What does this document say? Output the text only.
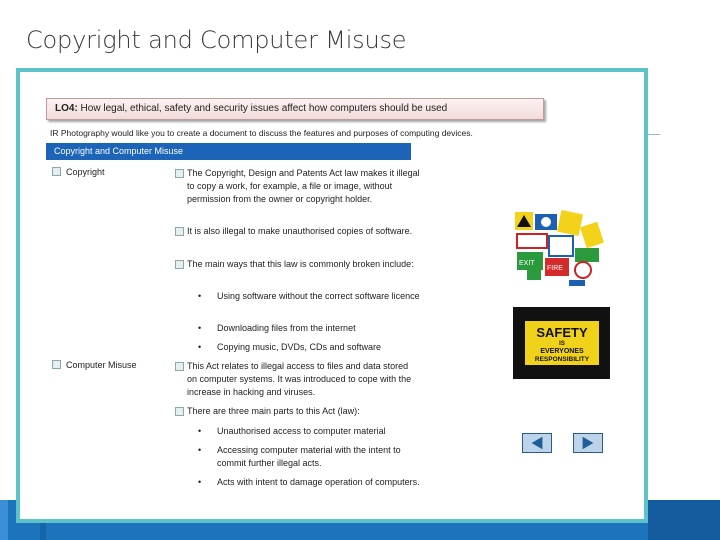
Copyright and Computer Misuse
LO4: How legal, ethical, safety and security issues affect how computers should be used
IR Photography would like you to create a document to discuss the features and purposes of computing devices.
Copyright and Computer Misuse
Copyright	The Copyright, Design and Patents Act law makes it illegal to copy a work, for example, a file or image, without permission from the owner or copyright holder.
It is also illegal to make unauthorised copies of software.
The main ways that this law is commonly broken include:
• Using software without the correct software licence
• Downloading files from the internet
• Copying music, DVDs, CDs and software
Computer Misuse	This Act relates to illegal access to files and data stored on computer systems. It was introduced to cope with the increase in hacking and viruses.
There are three main parts to this Act (law):
• Unauthorised access to computer material
• Accessing computer material with the intent to commit further illegal acts.
• Acts with intent to damage operation of computers.
EXIT
FIRE
SAFETY
IS
EVERYONES
RESPONSIBILITY
